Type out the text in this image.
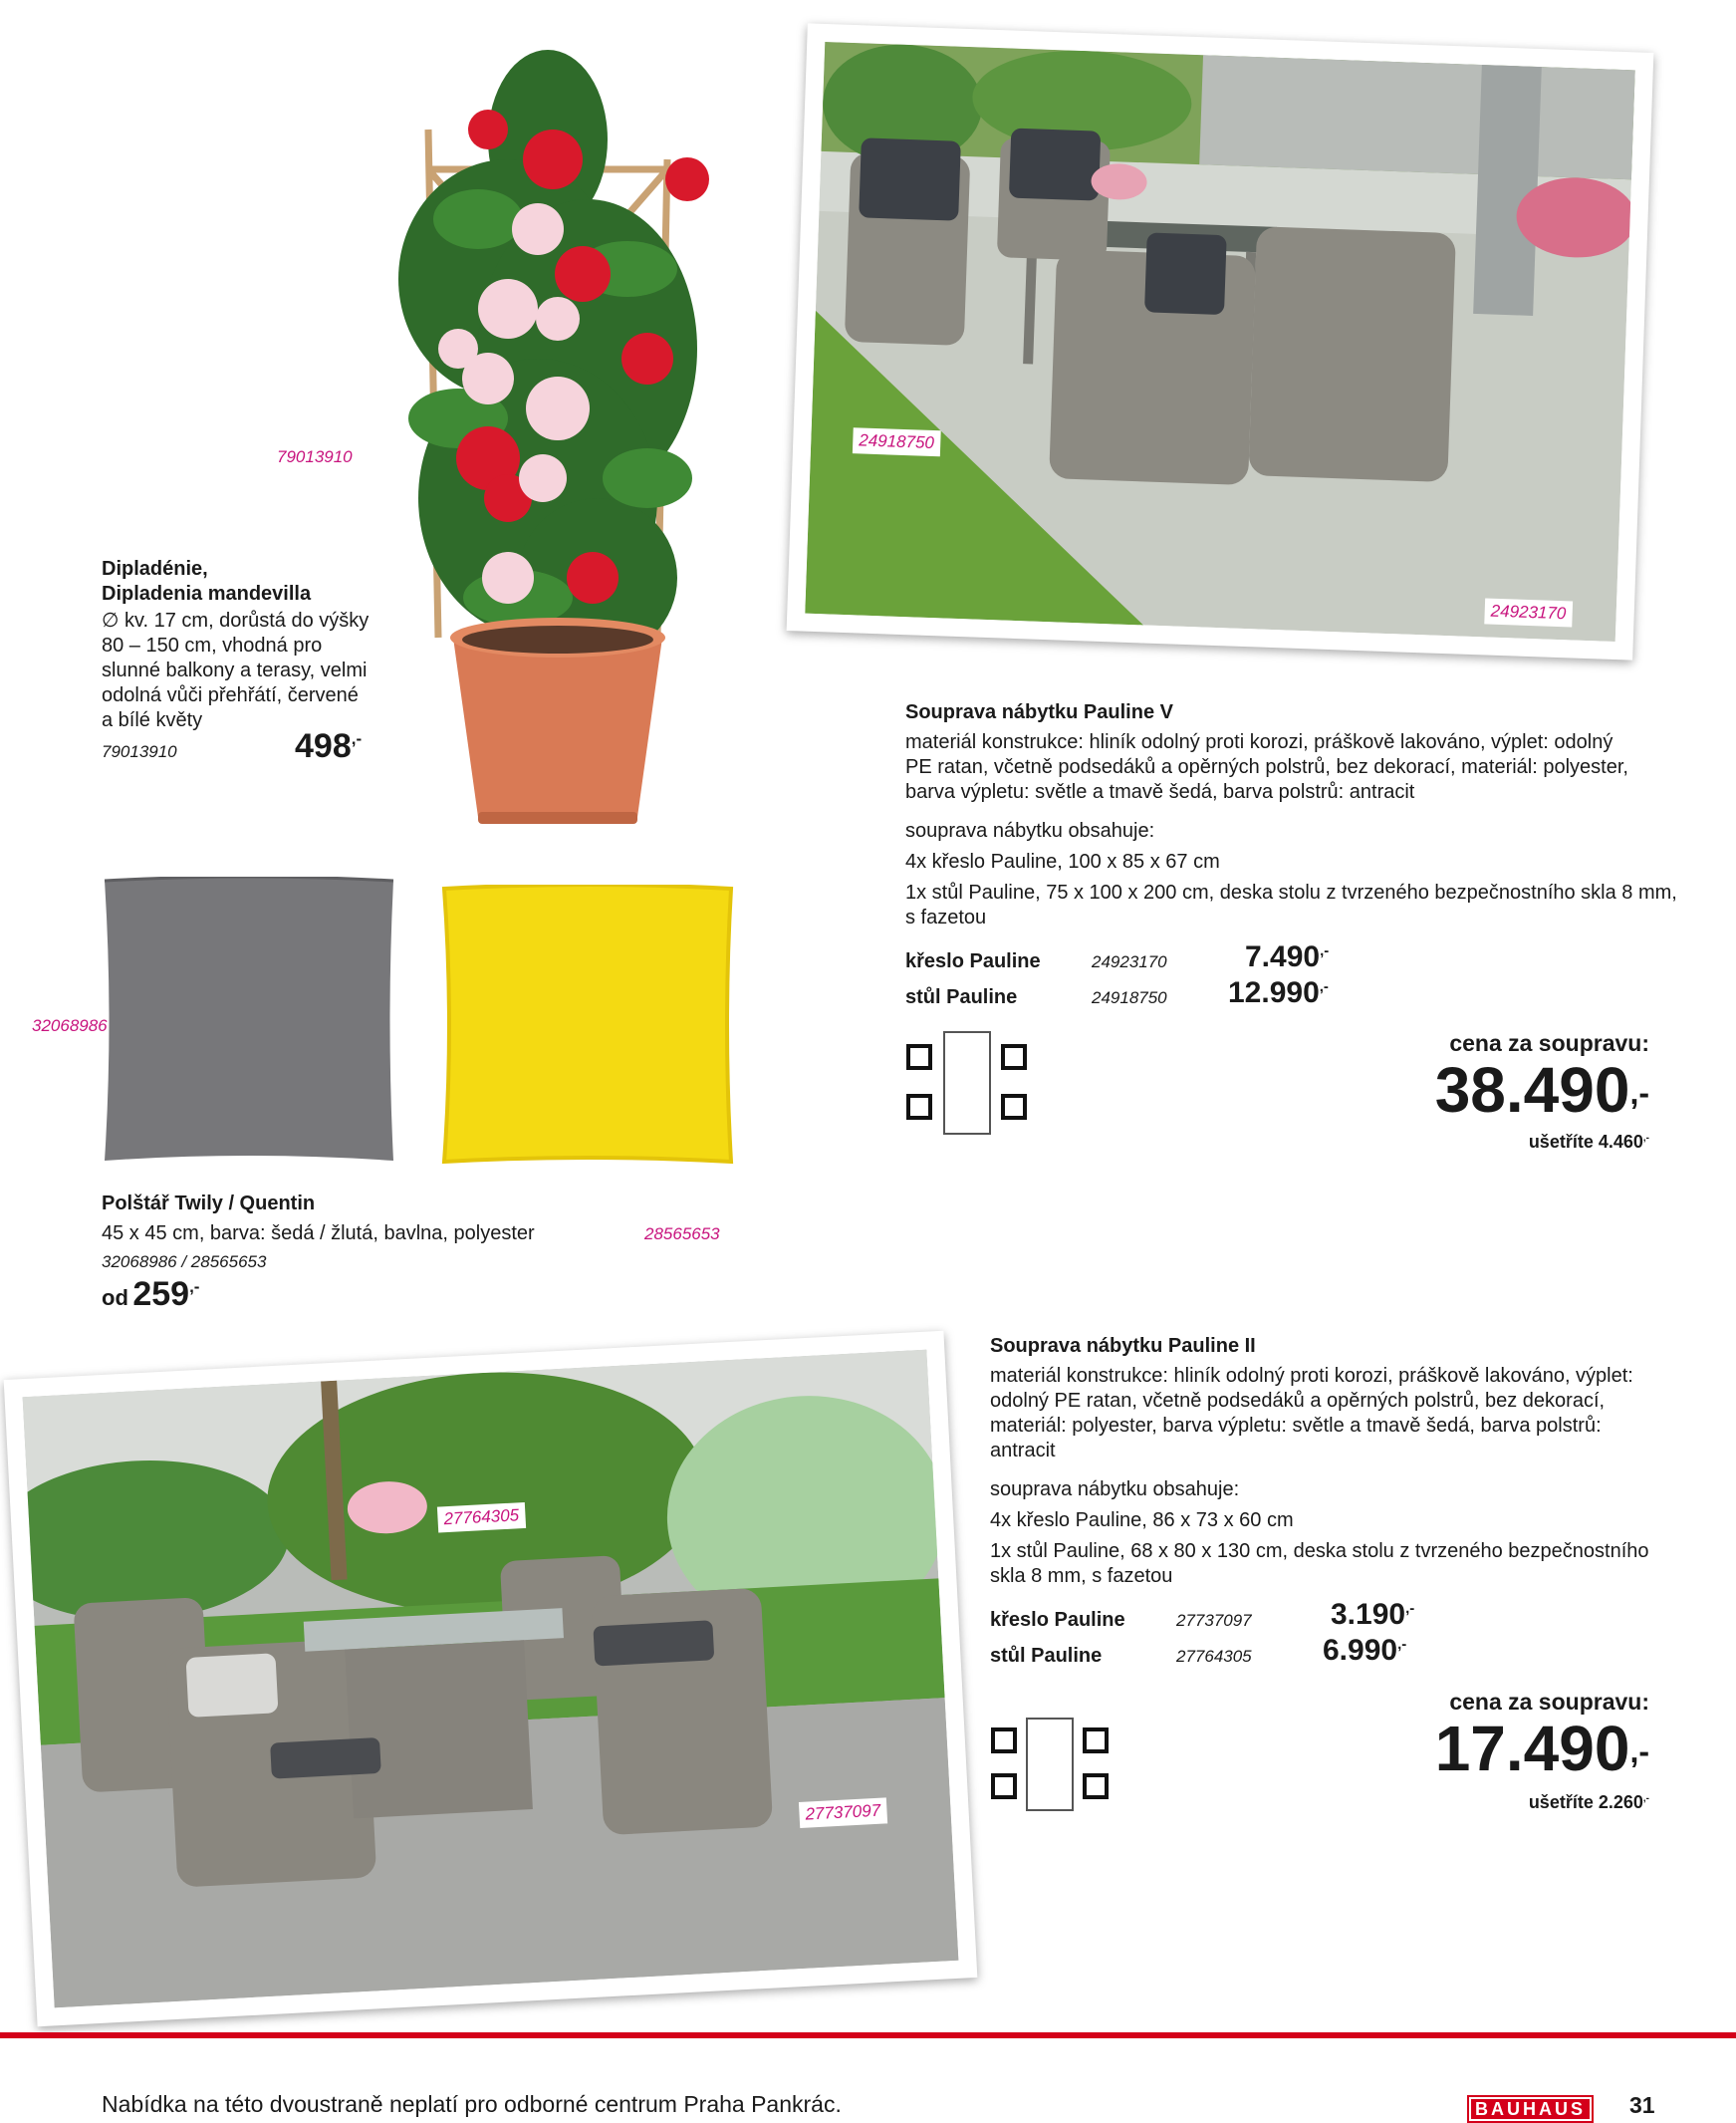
79013910
Dipladénie,
Dipladenia mandevilla
∅ kv. 17 cm, dorůstá do výšky
80 – 150 cm, vhodná pro
slunné balkony a terasy, velmi
odolná vůči přehřátí, červené
a bílé květy
79013910	498,-
24918750
24923170
Souprava nábytku Pauline V
materiál konstrukce: hliník odolný proti korozi, práškově lakováno, výplet: odolný
PE ratan, včetně podsedáků a opěrných polstrů, bez dekorací, materiál: polyester,
barva výpletu: světle a tmavě šedá, barva polstrů: antracit
souprava nábytku obsahuje:
4x křeslo Pauline, 100 x 85 x 67 cm
1x stůl Pauline, 75 x 100 x 200 cm, deska stolu z tvrzeného bezpečnostního skla 8 mm,
s fazetou
křeslo Pauline	24923170	7.490,-
stůl Pauline	24918750 12.990,-
cena za soupravu:
38.490,-
ušetříte 4.460,-
32068986
28565653
Polštář Twily / Quentin
45 x 45 cm, barva: šedá / žlutá, bavlna, polyester
32068986 / 28565653
od 259,-
27764305
27737097
Souprava nábytku Pauline II
materiál konstrukce: hliník odolný proti korozi, práškově lakováno, výplet:
odolný PE ratan, včetně podsedáků a opěrných polstrů, bez dekorací,
materiál: polyester, barva výpletu: světle a tmavě šedá, barva polstrů:
antracit
souprava nábytku obsahuje:
4x křeslo Pauline, 86 x 73 x 60 cm
1x stůl Pauline, 68 x 80 x 130 cm, deska stolu z tvrzeného bezpečnostního
skla 8 mm, s fazetou
křeslo Pauline	27737097	3.190,-
stůl Pauline	27764305 6.990,-
cena za soupravu:
17.490,-
ušetříte 2.260,-
Nabídka na této dvoustraně neplatí pro odborné centrum Praha Pankrác.	BAUHAUS	31
